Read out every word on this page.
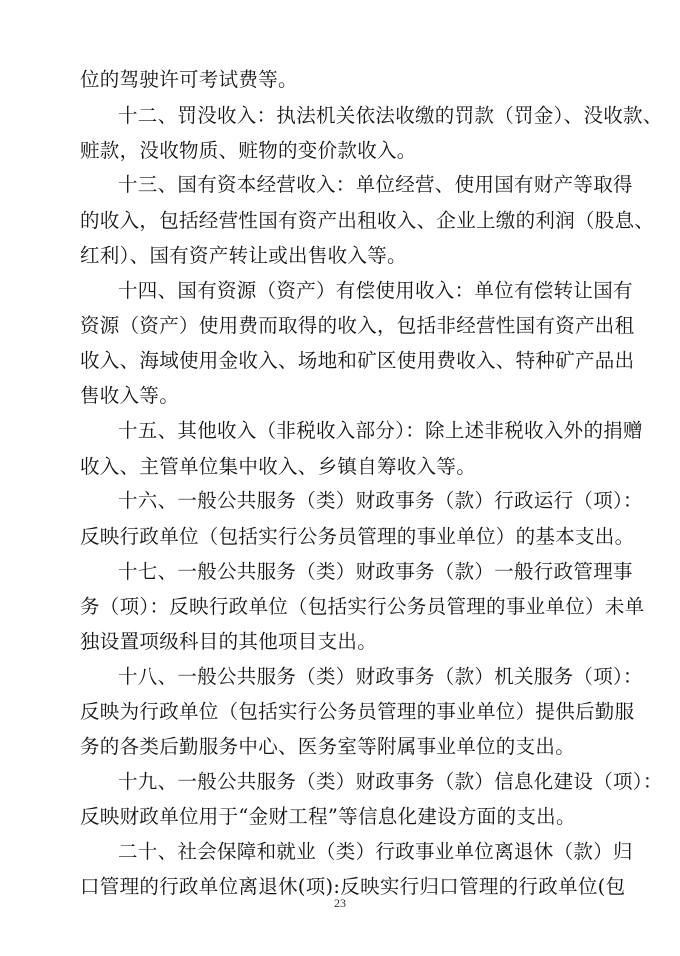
位的驾驶许可考试费等。
十二、罚没收入：执法机关依法收缴的罚款（罚金）、没收款、
赃款，没收物质、赃物的变价款收入。
十三、国有资本经营收入：单位经营、使用国有财产等取得
的收入，包括经营性国有资产出租收入、企业上缴的利润（股息、
红利）、国有资产转让或出售收入等。
十四、国有资源（资产）有偿使用收入：单位有偿转让国有
资源（资产）使用费而取得的收入，包括非经营性国有资产出租
收入、海域使用金收入、场地和矿区使用费收入、特种矿产品出
售收入等。
十五、其他收入（非税收入部分）：除上述非税收入外的捐赠
收入、主管单位集中收入、乡镇自筹收入等。
十六、一般公共服务（类）财政事务（款）行政运行（项）：
反映行政单位（包括实行公务员管理的事业单位）的基本支出。
十七、一般公共服务（类）财政事务（款）一般行政管理事
务（项）：反映行政单位（包括实行公务员管理的事业单位）未单
独设置项级科目的其他项目支出。
十八、一般公共服务（类）财政事务（款）机关服务（项）：
反映为行政单位（包括实行公务员管理的事业单位）提供后勤服
务的各类后勤服务中心、医务室等附属事业单位的支出。
十九、一般公共服务（类）财政事务（款）信息化建设（项）：
反映财政单位用于“金财工程”等信息化建设方面的支出。
二十、社会保障和就业（类）行政事业单位离退休（款）归
口管理的行政单位离退休(项):反映实行归口管理的行政单位(包
23
